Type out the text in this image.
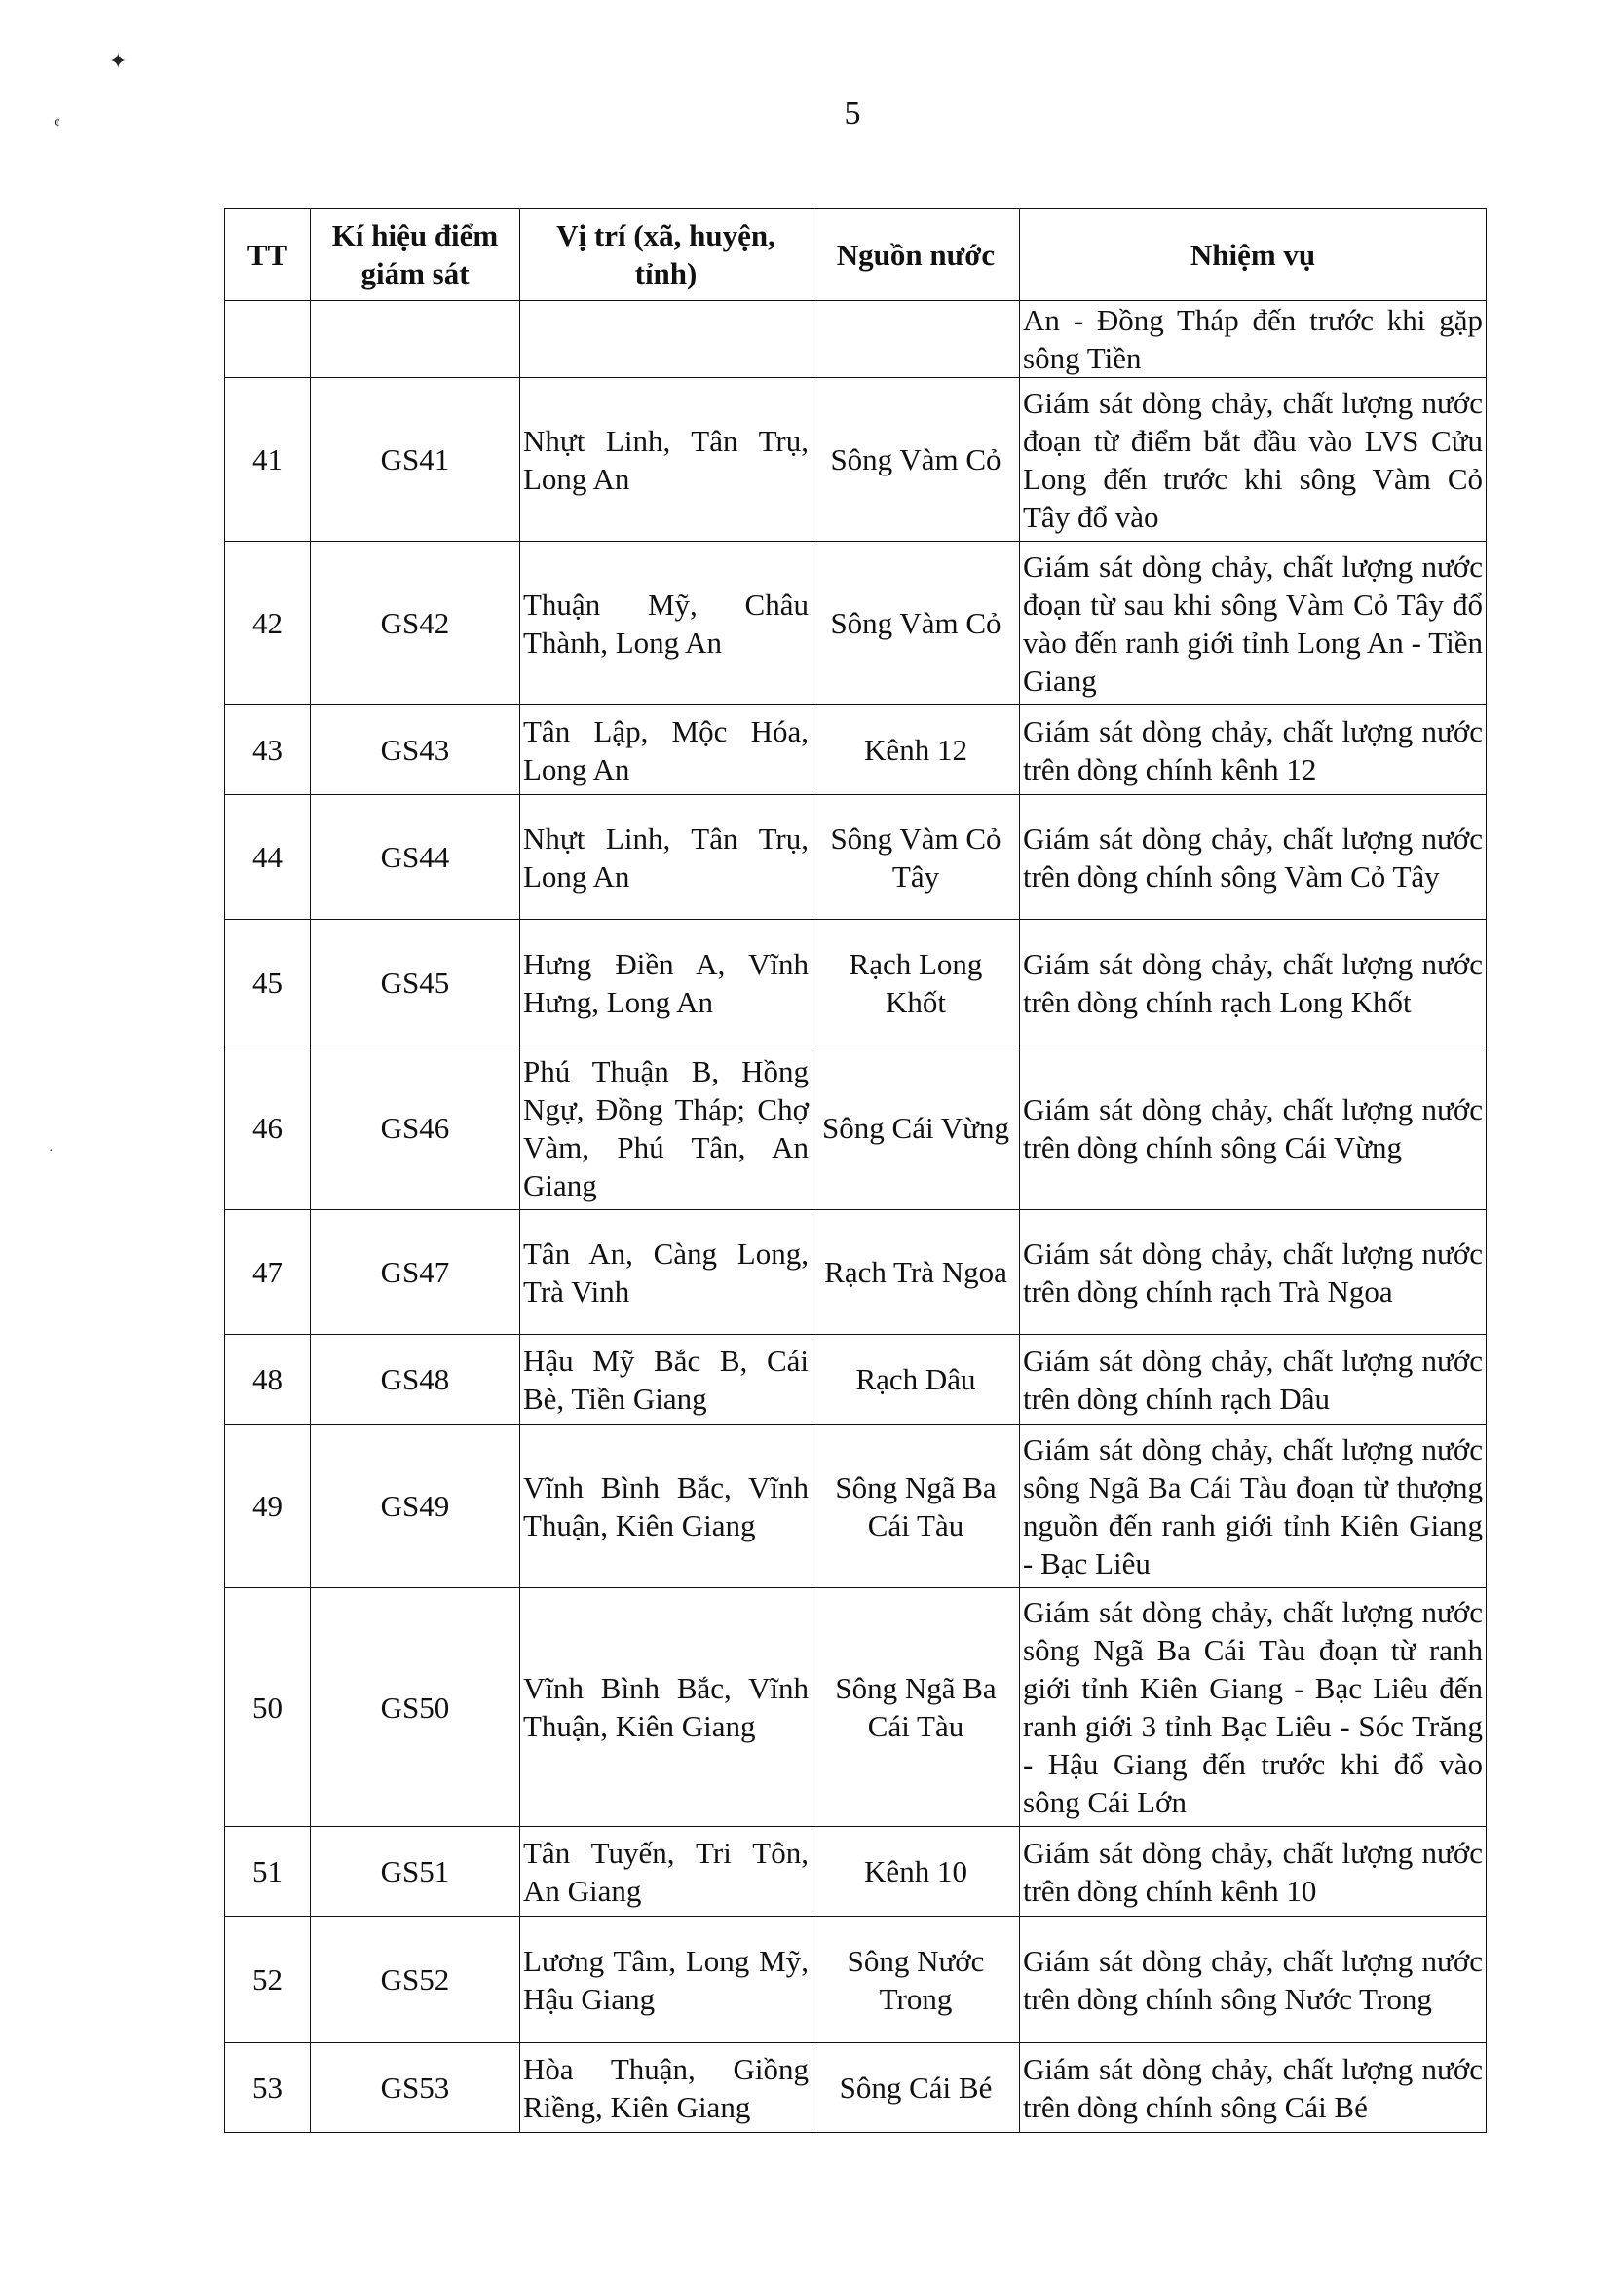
✦
¢
·
5
TT	Kí hiệu điểm giám sát	Vị trí (xã, huyện, tỉnh)	Nguồn nước	Nhiệm vụ
				An - Đồng Tháp đến trước khi gặp sông Tiền
41	GS41	Nhựt Linh, Tân Trụ, Long An	Sông Vàm Cỏ	Giám sát dòng chảy, chất lượng nước đoạn từ điểm bắt đầu vào LVS Cửu Long đến trước khi sông Vàm Cỏ Tây đổ vào
42	GS42	Thuận Mỹ, Châu Thành, Long An	Sông Vàm Cỏ	Giám sát dòng chảy, chất lượng nước đoạn từ sau khi sông Vàm Cỏ Tây đổ vào đến ranh giới tỉnh Long An - Tiền Giang
43	GS43	Tân Lập, Mộc Hóa, Long An	Kênh 12	Giám sát dòng chảy, chất lượng nước trên dòng chính kênh 12
44	GS44	Nhựt Linh, Tân Trụ, Long An	Sông Vàm Cỏ Tây	Giám sát dòng chảy, chất lượng nước trên dòng chính sông Vàm Cỏ Tây
45	GS45	Hưng Điền A, Vĩnh Hưng, Long An	Rạch Long Khốt	Giám sát dòng chảy, chất lượng nước trên dòng chính rạch Long Khốt
46	GS46	Phú Thuận B, Hồng Ngự, Đồng Tháp; Chợ Vàm, Phú Tân, An Giang	Sông Cái Vừng	Giám sát dòng chảy, chất lượng nước trên dòng chính sông Cái Vừng
47	GS47	Tân An, Càng Long, Trà Vinh	Rạch Trà Ngoa	Giám sát dòng chảy, chất lượng nước trên dòng chính rạch Trà Ngoa
48	GS48	Hậu Mỹ Bắc B, Cái Bè, Tiền Giang	Rạch Dâu	Giám sát dòng chảy, chất lượng nước trên dòng chính rạch Dâu
49	GS49	Vĩnh Bình Bắc, Vĩnh Thuận, Kiên Giang	Sông Ngã Ba Cái Tàu	Giám sát dòng chảy, chất lượng nước sông Ngã Ba Cái Tàu đoạn từ thượng nguồn đến ranh giới tỉnh Kiên Giang - Bạc Liêu
50	GS50	Vĩnh Bình Bắc, Vĩnh Thuận, Kiên Giang	Sông Ngã Ba Cái Tàu	Giám sát dòng chảy, chất lượng nước sông Ngã Ba Cái Tàu đoạn từ ranh giới tỉnh Kiên Giang - Bạc Liêu đến ranh giới 3 tỉnh Bạc Liêu - Sóc Trăng - Hậu Giang đến trước khi đổ vào sông Cái Lớn
51	GS51	Tân Tuyến, Tri Tôn, An Giang	Kênh 10	Giám sát dòng chảy, chất lượng nước trên dòng chính kênh 10
52	GS52	Lương Tâm, Long Mỹ, Hậu Giang	Sông Nước Trong	Giám sát dòng chảy, chất lượng nước trên dòng chính sông Nước Trong
53	GS53	Hòa Thuận, Giồng Riềng, Kiên Giang	Sông Cái Bé	Giám sát dòng chảy, chất lượng nước trên dòng chính sông Cái Bé
